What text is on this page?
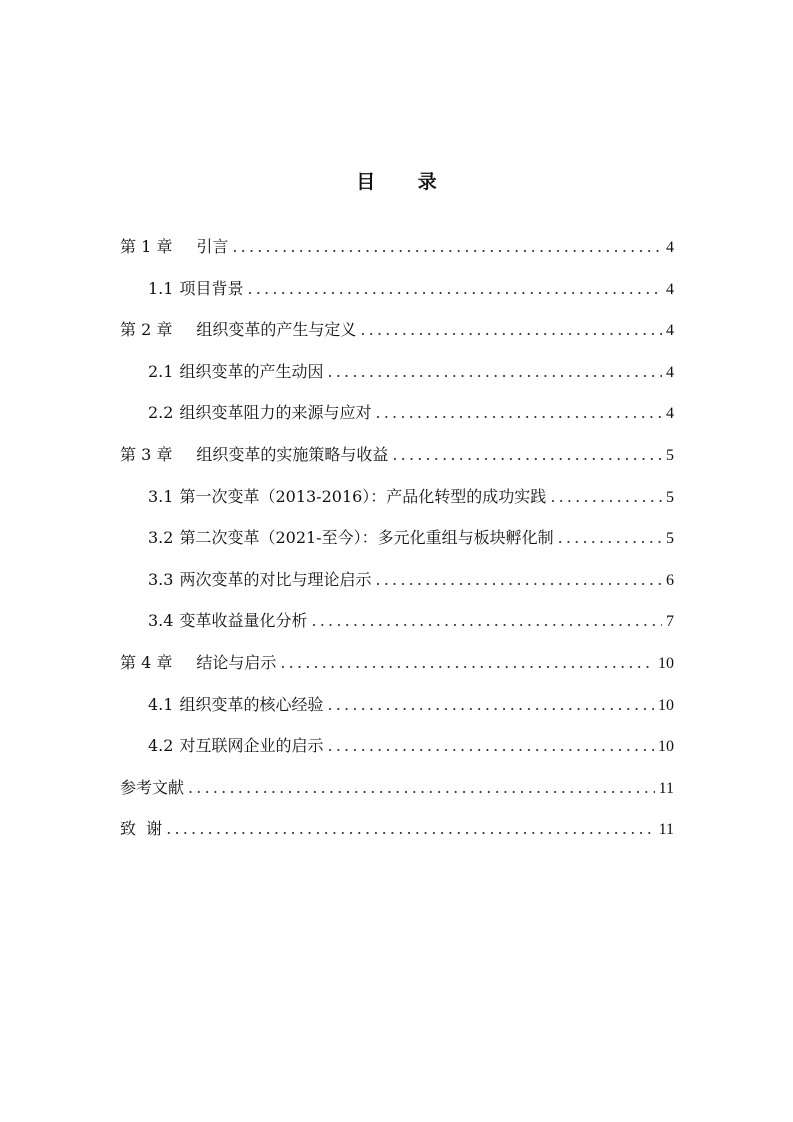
目 录
第 1 章 引言 .....	4
1.1 项目背景 .....	4
第 2 章 组织变革的产生与定义 .....	4
2.1 组织变革的产生动因 .....	4
2.2 组织变革阻力的来源与应对 .....	4
第 3 章 组织变革的实施策略与收益 .....	5
3.1 第一次变革（2013-2016）：产品化转型的成功实践 .....	5
3.2 第二次变革（2021-至今）：多元化重组与板块孵化制 .....	5
3.3 两次变革的对比与理论启示 .....	6
3.4 变革收益量化分析 .....	7
第 4 章 结论与启示 .....	10
4.1 组织变革的核心经验 .....	10
4.2 对互联网企业的启示 .....	10
参考文献 .....	11
致  谢 .....	11
